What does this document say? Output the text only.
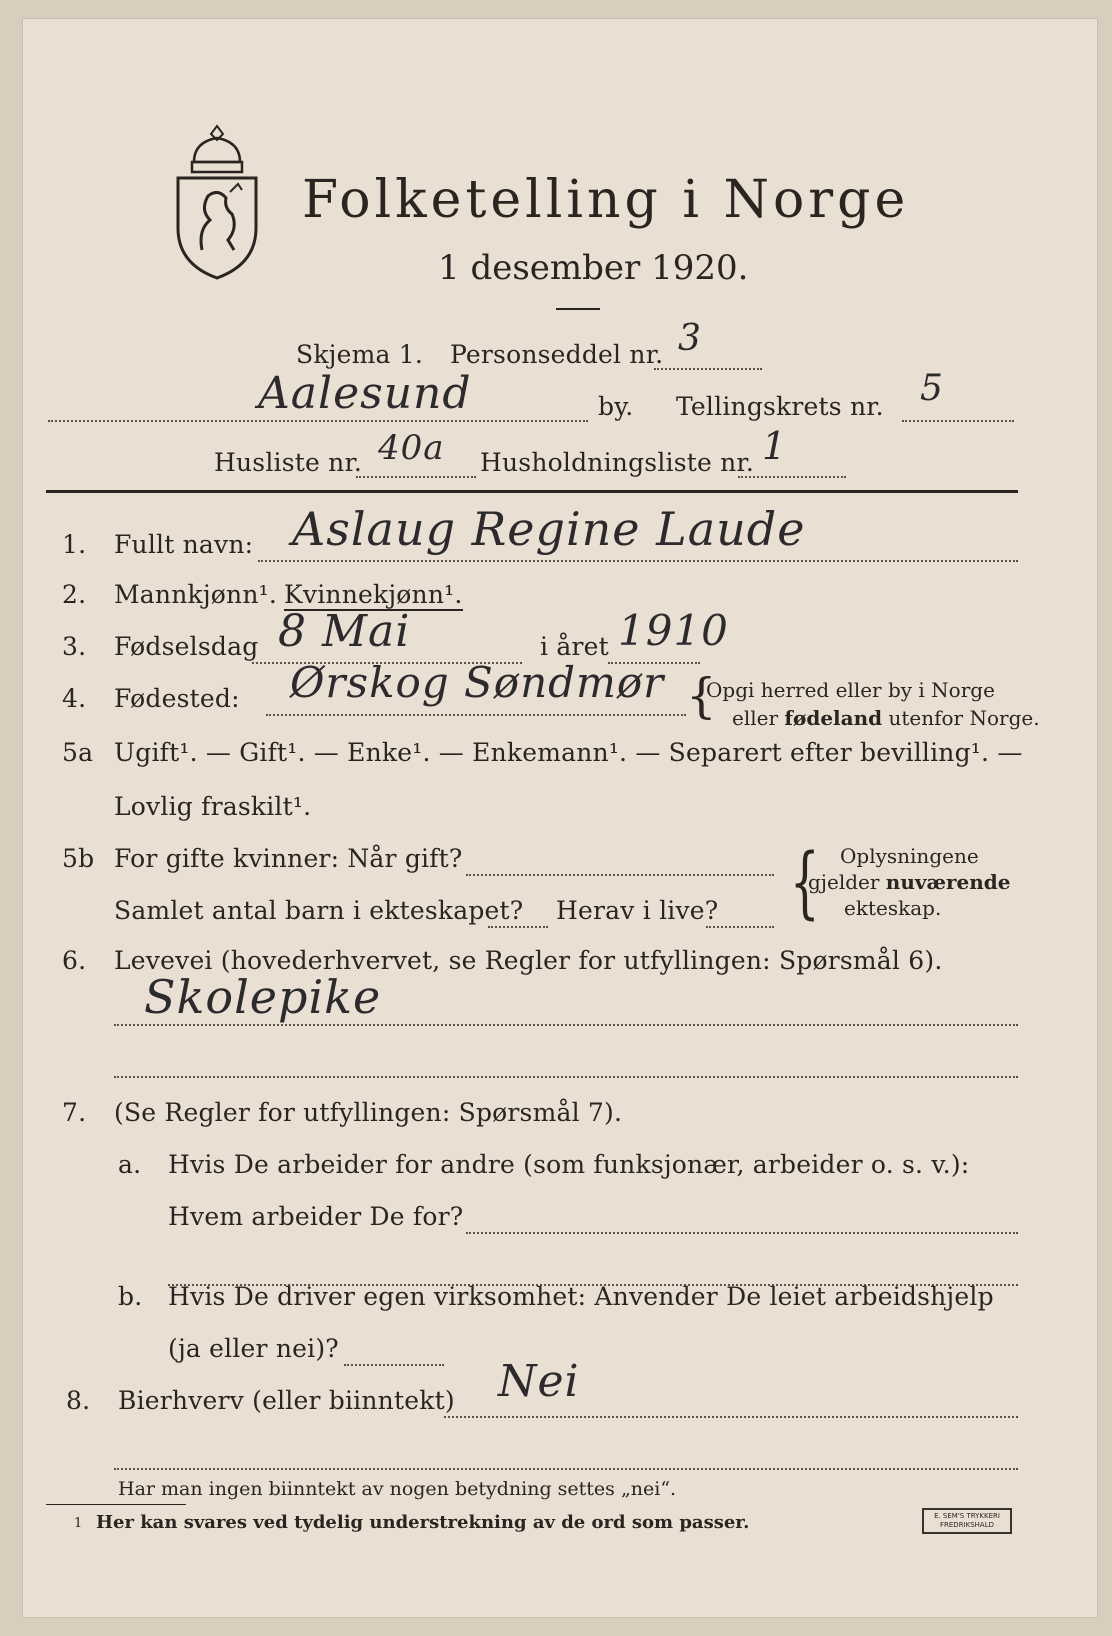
Folketelling i Norge
1 desember 1920.
Skjema 1. Personseddel nr. 3
Aalesund	by. Tellingskrets nr. 5
Husliste nr. 40a Husholdningsliste nr. 1
1. Fullt navn: Aslaug Regine Laude
2. Mannkjønn¹. Kvinnekjønn¹.
3. Fødselsdag 8 Mai	i året 1910
4. Fødested: Ørskog Søndmør {
Opgi herred eller by i Norge
eller fødeland utenfor Norge.
5a Ugift¹. — Gift¹. — Enke¹. — Enkemann¹. — Separert efter bevilling¹. —
Lovlig fraskilt¹.
5b For gifte kvinner: Når gift?
Samlet antal barn i ekteskapet? Herav i live? { Oplysningene
gjelder nuværende
ekteskap.
6. Levevei (hovederhvervet, se Regler for utfyllingen: Spørsmål 6).
Skolepike
7. (Se Regler for utfyllingen: Spørsmål 7).
a. Hvis De arbeider for andre (som funksjonær, arbeider o. s. v.):
Hvem arbeider De for?
b. Hvis De driver egen virksomhet: Anvender De leiet arbeidshjelp
(ja eller nei)?
8. Bierhverv (eller biinntekt) Nei
Har man ingen biinntekt av nogen betydning settes „nei“.
1 Her kan svares ved tydelig understrekning av de ord som passer.	E. SEM'S TRYKKERI FREDRIKSHALD
